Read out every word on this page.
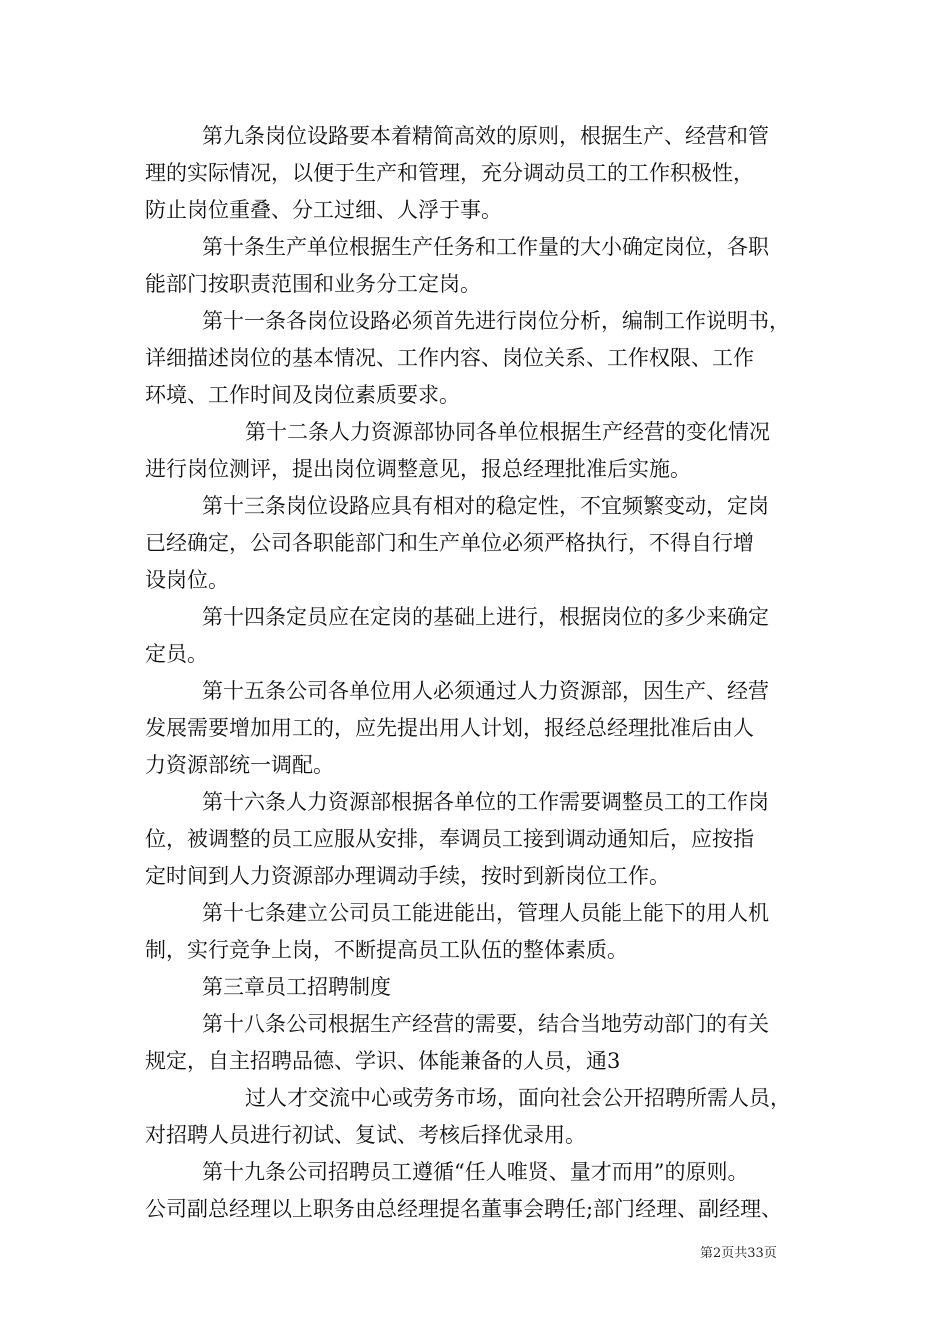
第九条岗位设路要本着精简高效的原则，根据生产、经营和管
理的实际情况，以便于生产和管理，充分调动员工的工作积极性，
防止岗位重叠、分工过细、人浮于事。
第十条生产单位根据生产任务和工作量的大小确定岗位，各职
能部门按职责范围和业务分工定岗。
第十一条各岗位设路必须首先进行岗位分析，编制工作说明书，
详细描述岗位的基本情况、工作内容、岗位关系、工作权限、工作
环境、工作时间及岗位素质要求。
第十二条人力资源部协同各单位根据生产经营的变化情况
进行岗位测评，提出岗位调整意见，报总经理批准后实施。
第十三条岗位设路应具有相对的稳定性，不宜频繁变动，定岗
已经确定，公司各职能部门和生产单位必须严格执行，不得自行增
设岗位。
第十四条定员应在定岗的基础上进行，根据岗位的多少来确定
定员。
第十五条公司各单位用人必须通过人力资源部，因生产、经营
发展需要增加用工的，应先提出用人计划，报经总经理批准后由人
力资源部统一调配。
第十六条人力资源部根据各单位的工作需要调整员工的工作岗
位，被调整的员工应服从安排，奉调员工接到调动通知后，应按指
定时间到人力资源部办理调动手续，按时到新岗位工作。
第十七条建立公司员工能进能出，管理人员能上能下的用人机
制，实行竞争上岗，不断提高员工队伍的整体素质。
第三章员工招聘制度
第十八条公司根据生产经营的需要，结合当地劳动部门的有关
规定，自主招聘品德、学识、体能兼备的人员，通3
过人才交流中心或劳务市场，面向社会公开招聘所需人员，
对招聘人员进行初试、复试、考核后择优录用。
第十九条公司招聘员工遵循“任人唯贤、量才而用”的原则。
公司副总经理以上职务由总经理提名董事会聘任;部门经理、副经理、
第2页共33页
